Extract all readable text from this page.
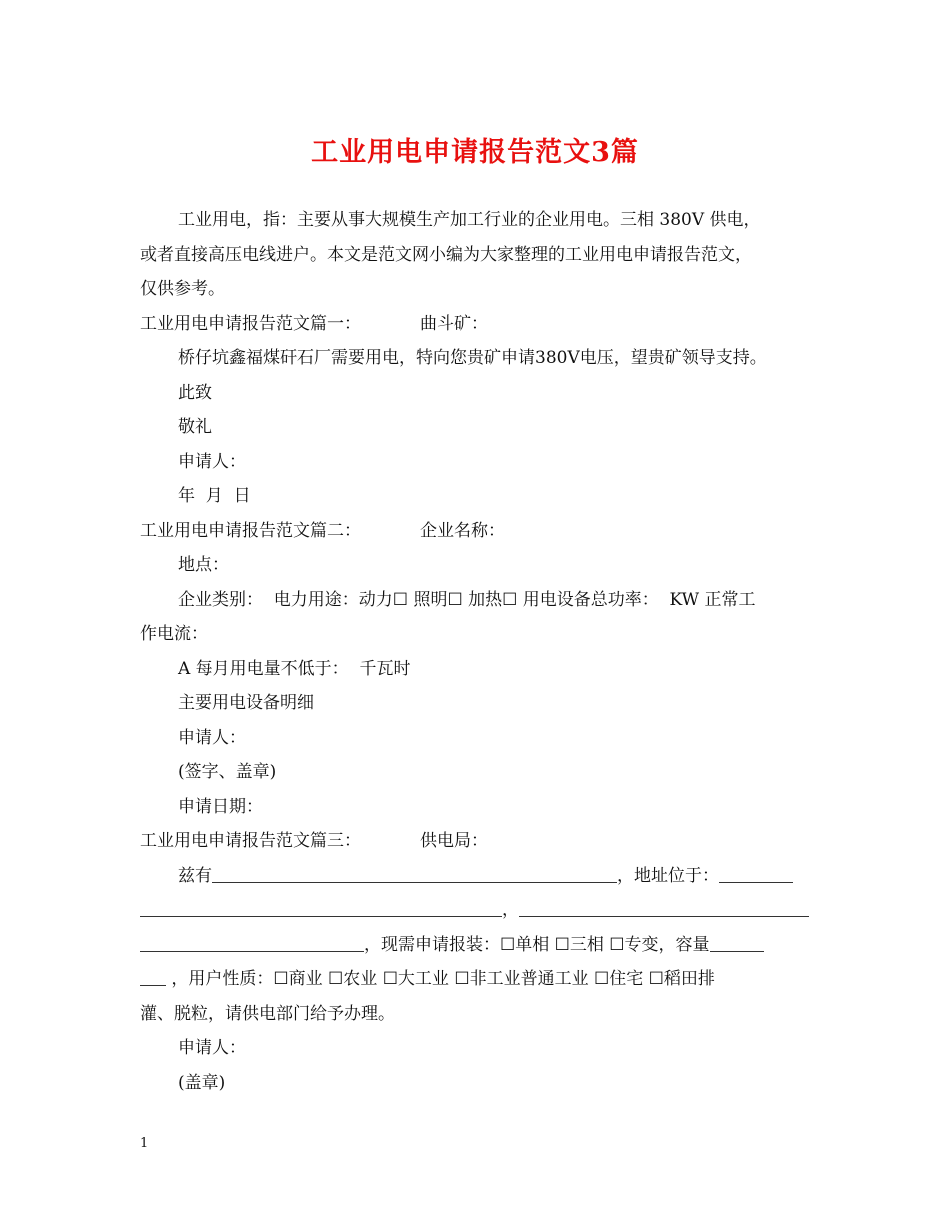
工业用电申请报告范文3篇

工业用电，指：主要从事大规模生产加工行业的企业用电。三相 380V 供电，

或者直接高压电线进户。本文是范文网小编为大家整理的工业用电申请报告范文，

仅供参考。

工业用电申请报告范文篇一：	曲斗矿：

桥仔坑鑫福煤矸石厂需要用电，特向您贵矿申请380V电压，望贵矿领导支持。

此致

敬礼

申请人：

年  月  日

工业用电申请报告范文篇二：	企业名称：

地点：

企业类别：  电力用途：动力☐ 照明☐ 加热☐ 用电设备总功率：  KW 正常工

作电流：

A 每月用电量不低于：  千瓦时

主要用电设备明细

申请人：

(签字、盖章)

申请日期：

工业用电申请报告范文篇三：	供电局：

兹有	，地址位于：

，

，现需申请报装：☐单相 ☐三相 ☐专变，容量

，用户性质：☐商业 ☐农业 ☐大工业 ☐非工业普通工业 ☐住宅 ☐稻田排

灌、脱粒，请供电部门给予办理。

申请人：

(盖章)

1
